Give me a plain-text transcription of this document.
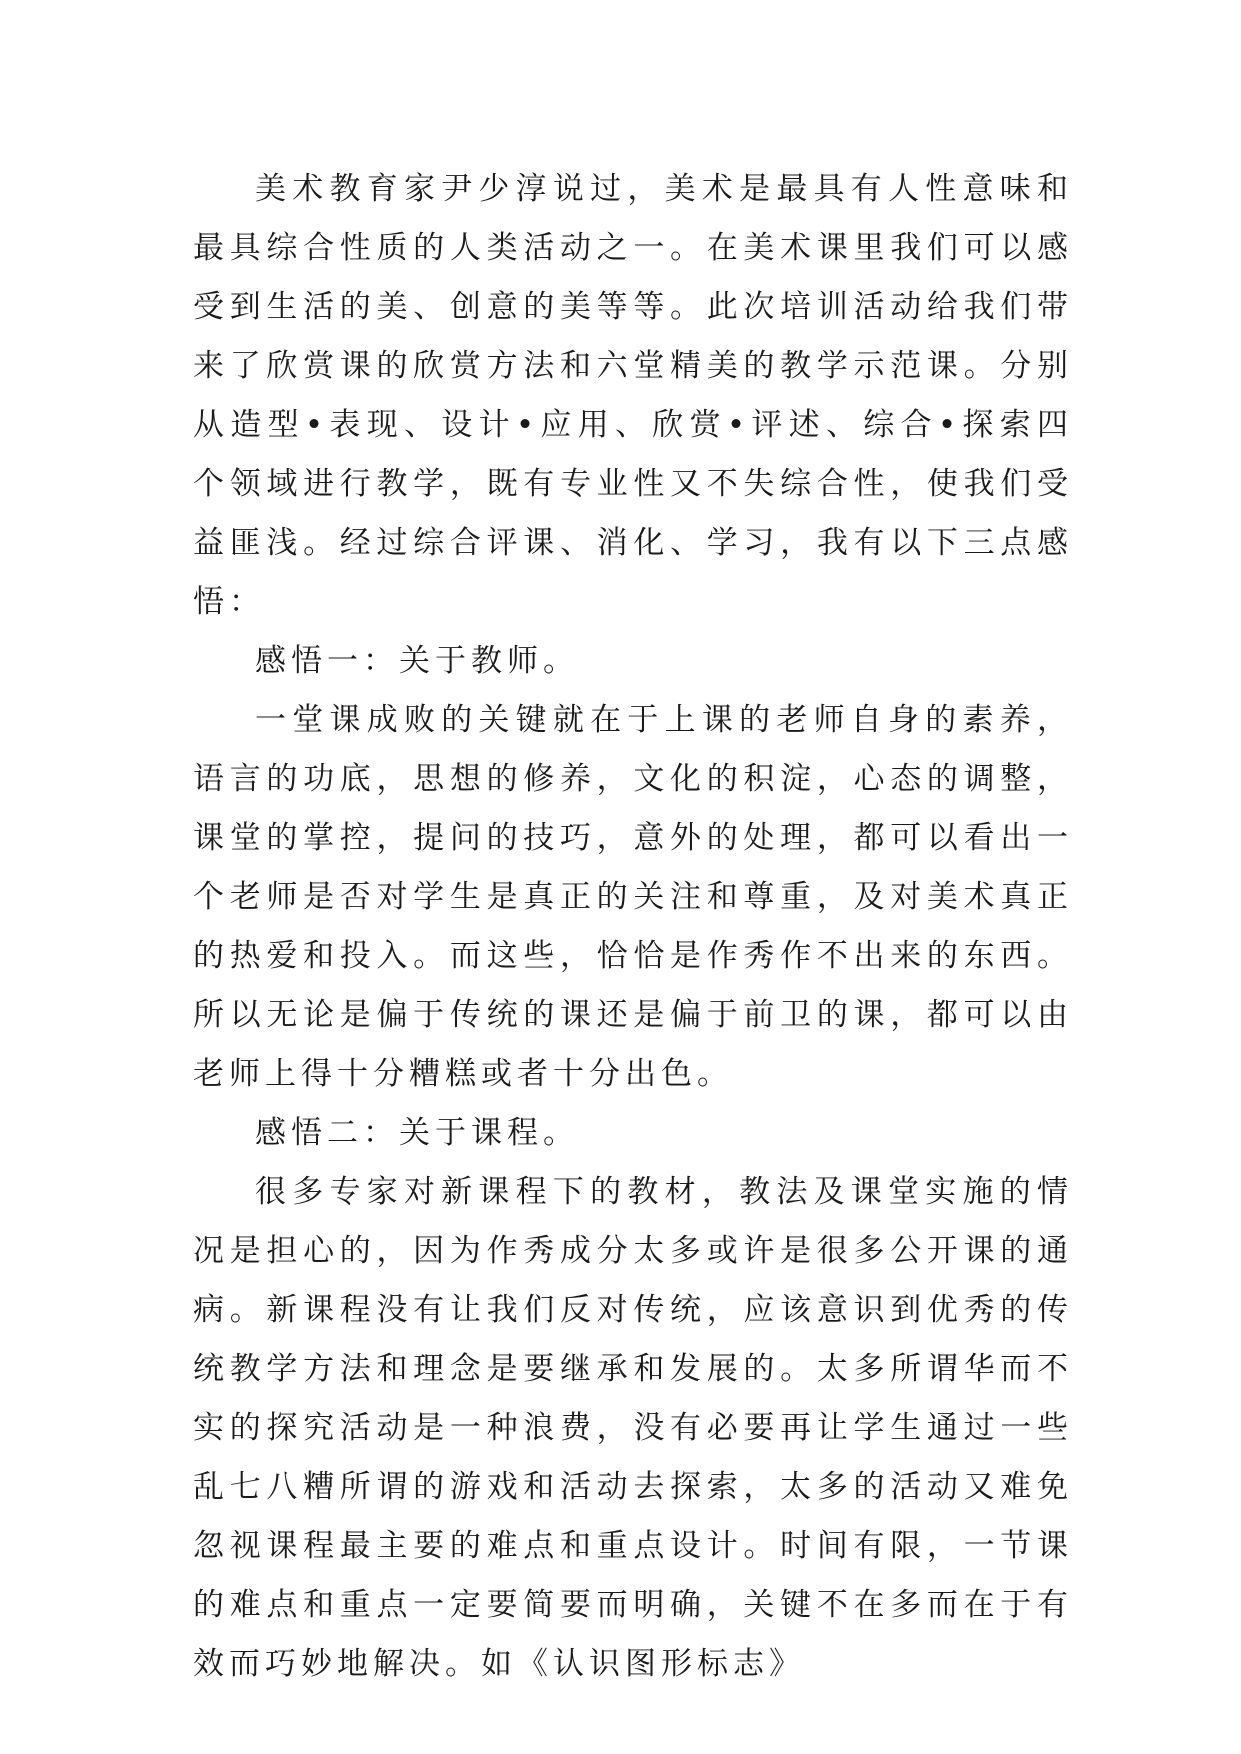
美术教育家尹少淳说过，美术是最具有人性意味和最具综合性质的人类活动之一。在美术课里我们可以感受到生活的美、创意的美等等。此次培训活动给我们带来了欣赏课的欣赏方法和六堂精美的教学示范课。分别从造型•表现、设计•应用、欣赏•评述、综合•探索四个领域进行教学，既有专业性又不失综合性，使我们受益匪浅。经过综合评课、消化、学习，我有以下三点感悟：

感悟一：关于教师。

一堂课成败的关键就在于上课的老师自身的素养，语言的功底，思想的修养，文化的积淀，心态的调整，课堂的掌控，提问的技巧，意外的处理，都可以看出一个老师是否对学生是真正的关注和尊重，及对美术真正的热爱和投入。而这些，恰恰是作秀作不出来的东西。所以无论是偏于传统的课还是偏于前卫的课，都可以由老师上得十分糟糕或者十分出色。

感悟二：关于课程。

很多专家对新课程下的教材，教法及课堂实施的情况是担心的，因为作秀成分太多或许是很多公开课的通病。新课程没有让我们反对传统，应该意识到优秀的传统教学方法和理念是要继承和发展的。太多所谓华而不实的探究活动是一种浪费，没有必要再让学生通过一些乱七八糟所谓的游戏和活动去探索，太多的活动又难免忽视课程最主要的难点和重点设计。时间有限，一节课的难点和重点一定要简要而明确，关键不在多而在于有效而巧妙地解决。如《认识图形标志》
